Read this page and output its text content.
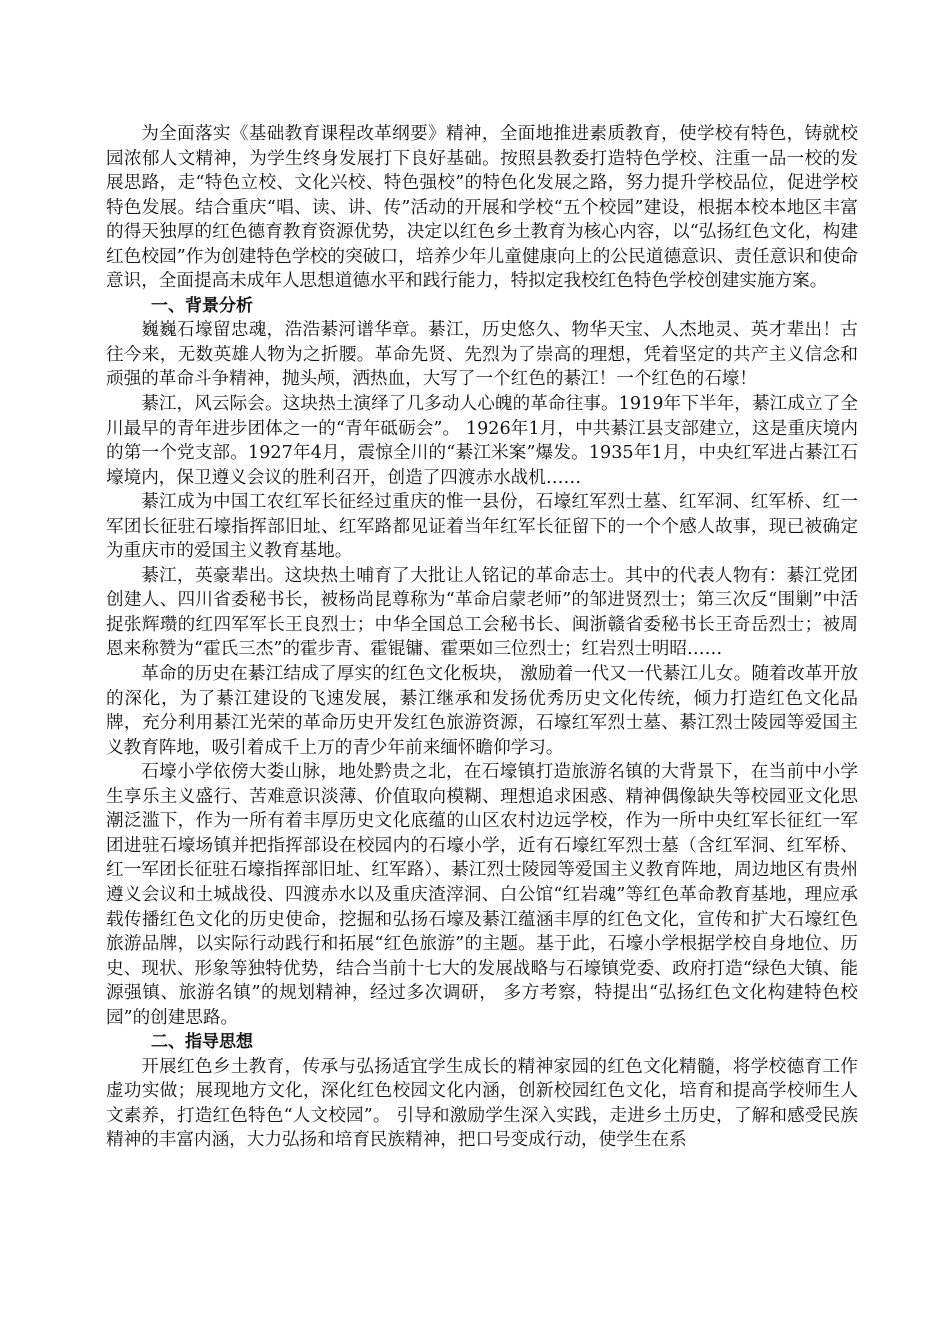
为全面落实《基础教育课程改革纲要》精神，全面地推进素质教育，使学校有特色，铸就校园浓郁人文精神，为学生终身发展打下良好基础。按照县教委打造特色学校、注重一品一校的发展思路，走“特色立校、文化兴校、特色强校”的特色化发展之路，努力提升学校品位，促进学校特色发展。结合重庆“唱、读、讲、传”活动的开展和学校“五个校园”建设，根据本校本地区丰富的得天独厚的红色德育教育资源优势，决定以红色乡土教育为核心内容，以“弘扬红色文化，构建红色校园”作为创建特色学校的突破口，培养少年儿童健康向上的公民道德意识、责任意识和使命意识，全面提高未成年人思想道德水平和践行能力，特拟定我校红色特色学校创建实施方案。

一、背景分析

巍巍石壕留忠魂，浩浩綦河谱华章。綦江，历史悠久、物华天宝、人杰地灵、英才辈出！古往今来，无数英雄人物为之折腰。革命先贤、先烈为了崇高的理想，凭着坚定的共产主义信念和顽强的革命斗争精神，抛头颅，洒热血，大写了一个红色的綦江！一个红色的石壕！

綦江，风云际会。这块热土演绎了几多动人心魄的革命往事。1919年下半年，綦江成立了全川最早的青年进步团体之一的“青年砥砺会”。 1926年1月，中共綦江县支部建立，这是重庆境内的第一个党支部。1927年4月，震惊全川的“綦江米案”爆发。1935年1月，中央红军进占綦江石壕境内，保卫遵义会议的胜利召开，创造了四渡赤水战机……

綦江成为中国工农红军长征经过重庆的惟一县份，石壕红军烈士墓、红军洞、红军桥、红一军团长征驻石壕指挥部旧址、红军路都见证着当年红军长征留下的一个个感人故事，现已被确定为重庆市的爱国主义教育基地。

綦江，英豪辈出。这块热土哺育了大批让人铭记的革命志士。其中的代表人物有：綦江党团创建人、四川省委秘书长，被杨尚昆尊称为“革命启蒙老师”的邹进贤烈士；第三次反“围剿”中活捉张辉瓒的红四军军长王良烈士；中华全国总工会秘书长、闽浙赣省委秘书长王奇岳烈士；被周恩来称赞为“霍氏三杰”的霍步青、霍锟镛、霍栗如三位烈士；红岩烈士明昭……

革命的历史在綦江结成了厚实的红色文化板块， 激励着一代又一代綦江儿女。随着改革开放的深化，为了綦江建设的飞速发展，綦江继承和发扬优秀历史文化传统，倾力打造红色文化品牌，充分利用綦江光荣的革命历史开发红色旅游资源，石壕红军烈士墓、綦江烈士陵园等爱国主义教育阵地，吸引着成千上万的青少年前来缅怀瞻仰学习。

石壕小学依傍大娄山脉，地处黔贵之北，在石壕镇打造旅游名镇的大背景下，在当前中小学生享乐主义盛行、苦难意识淡薄、价值取向模糊、理想追求困惑、精神偶像缺失等校园亚文化思潮泛滥下，作为一所有着丰厚历史文化底蕴的山区农村边远学校，作为一所中央红军长征红一军团进驻石壕场镇并把指挥部设在校园内的石壕小学，近有石壕红军烈士墓（含红军洞、红军桥、红一军团长征驻石壕指挥部旧址、红军路）、綦江烈士陵园等爱国主义教育阵地，周边地区有贵州遵义会议和土城战役、四渡赤水以及重庆渣滓洞、白公馆“红岩魂”等红色革命教育基地，理应承载传播红色文化的历史使命，挖掘和弘扬石壕及綦江蕴涵丰厚的红色文化，宣传和扩大石壕红色旅游品牌，以实际行动践行和拓展“红色旅游”的主题。基于此，石壕小学根据学校自身地位、历史、现状、形象等独特优势，结合当前十七大的发展战略与石壕镇党委、政府打造“绿色大镇、能源强镇、旅游名镇”的规划精神，经过多次调研， 多方考察，特提出“弘扬红色文化构建特色校园”的创建思路。

二、指导思想

开展红色乡土教育，传承与弘扬适宜学生成长的精神家园的红色文化精髓，将学校德育工作虚功实做；展现地方文化，深化红色校园文化内涵，创新校园红色文化，培育和提高学校师生人文素养，打造红色特色“人文校园”。 引导和激励学生深入实践，走进乡土历史，了解和感受民族精神的丰富内涵，大力弘扬和培育民族精神，把口号变成行动，使学生在系
